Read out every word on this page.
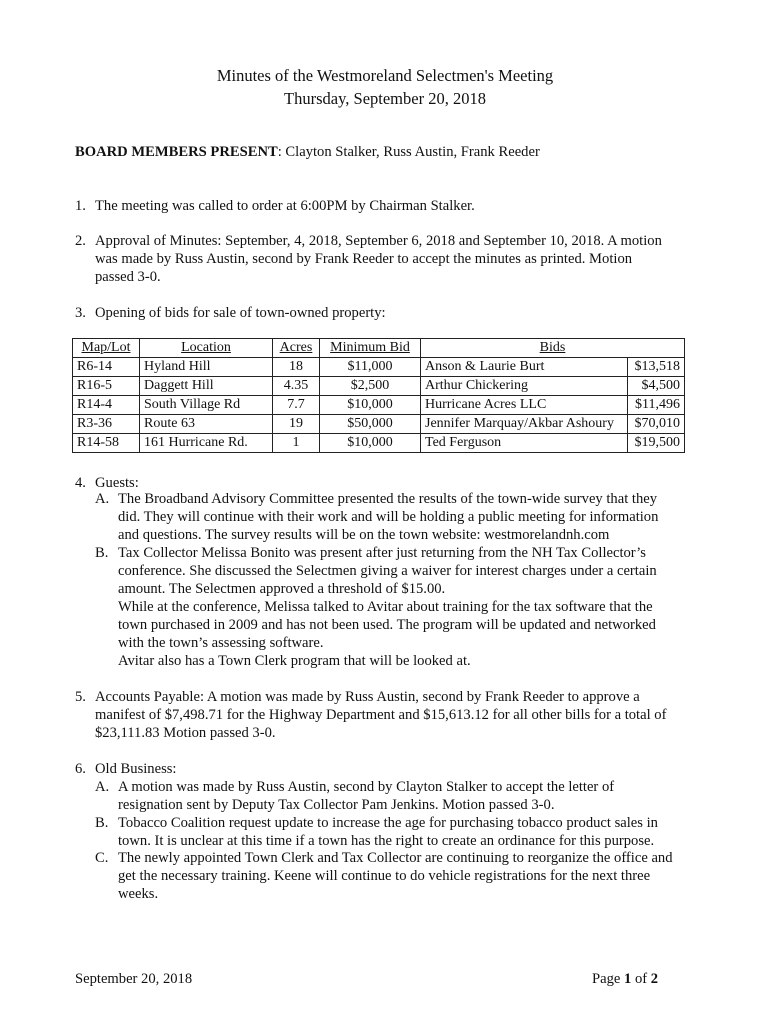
Minutes of the Westmoreland Selectmen's Meeting
Thursday, September 20, 2018
BOARD MEMBERS PRESENT: Clayton Stalker, Russ Austin, Frank Reeder
1. The meeting was called to order at 6:00PM by Chairman Stalker.
2. Approval of Minutes: September, 4, 2018, September 6, 2018 and September 10, 2018. A motion
was made by Russ Austin, second by Frank Reeder to accept the minutes as printed. Motion
passed 3-0.
3. Opening of bids for sale of town-owned property:
4. Guests:
A. The Broadband Advisory Committee presented the results of the town-wide survey that they
did. They will continue with their work and will be holding a public meeting for information
and questions. The survey results will be on the town website: westmorelandnh.com
B. Tax Collector Melissa Bonito was present after just returning from the NH Tax Collector’s
conference. She discussed the Selectmen giving a waiver for interest charges under a certain
amount. The Selectmen approved a threshold of $15.00.
While at the conference, Melissa talked to Avitar about training for the tax software that the
town purchased in 2009 and has not been used. The program will be updated and networked
with the town’s assessing software.
Avitar also has a Town Clerk program that will be looked at.
5. Accounts Payable: A motion was made by Russ Austin, second by Frank Reeder to approve a
manifest of $7,498.71 for the Highway Department and $15,613.12 for all other bills for a total of
$23,111.83 Motion passed 3-0.
6. Old Business:
A. A motion was made by Russ Austin, second by Clayton Stalker to accept the letter of
resignation sent by Deputy Tax Collector Pam Jenkins. Motion passed 3-0.
B. Tobacco Coalition request update to increase the age for purchasing tobacco product sales in
town. It is unclear at this time if a town has the right to create an ordinance for this purpose.
C. The newly appointed Town Clerk and Tax Collector are continuing to reorganize the office and
get the necessary training. Keene will continue to do vehicle registrations for the next three
weeks.
Map/Lot	Location	Acres	Minimum Bid	Bids	
R6-14	Hyland Hill	18	$11,000	Anson & Laurie Burt	$13,518
R16-5	Daggett Hill	4.35	$2,500	Arthur Chickering	$4,500
R14-4	South Village Rd	7.7	$10,000	Hurricane Acres LLC	$11,496
R3-36	Route 63	19	$50,000	Jennifer Marquay/Akbar Ashoury	$70,010
R14-58	161 Hurricane Rd.	1	$10,000	Ted Ferguson	$19,500
September 20, 2018	Page 1 of 2
